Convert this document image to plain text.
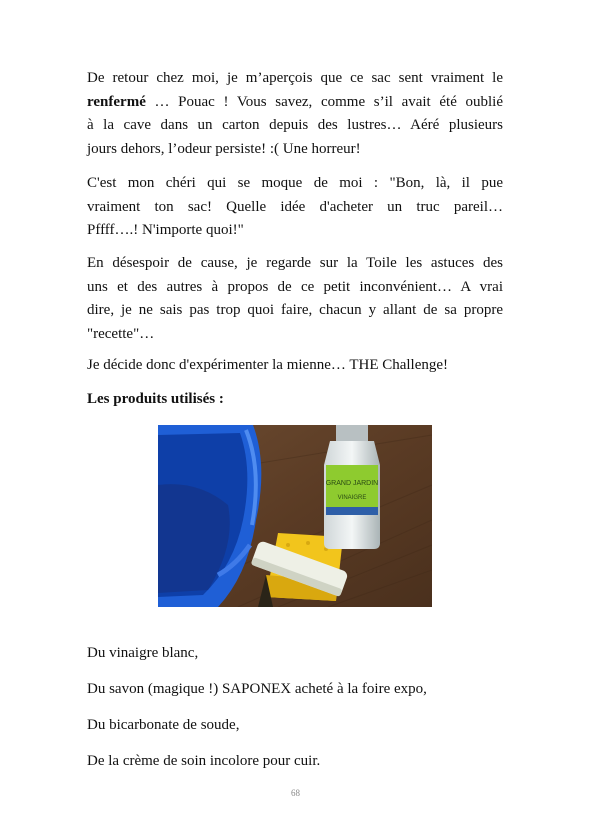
De retour chez moi, je m’aperçois que ce sac sent vraiment le
renfermé … Pouac ! Vous savez, comme s’il avait été oublié
à la cave dans un carton depuis des lustres… Aéré plusieurs
jours dehors, l’odeur persiste! :( Une horreur!
C'est mon chéri qui se moque de moi : "Bon, là, il pue
vraiment ton sac! Quelle idée d'acheter un truc pareil…
Pffff….! N'importe quoi!"
En désespoir de cause, je regarde sur la Toile les astuces des
uns et des autres à propos de ce petit inconvénient… A vrai
dire, je ne sais pas trop quoi faire, chacun y allant de sa propre
"recette"…
Je décide donc d'expérimenter la mienne… THE Challenge!

Les produits utilisés :

GRAND JARDIN
VINAIGRE

Du vinaigre blanc,

Du savon (magique !) SAPONEX acheté à la foire expo,

Du bicarbonate de soude,

De la crème de soin incolore pour cuir.

68
